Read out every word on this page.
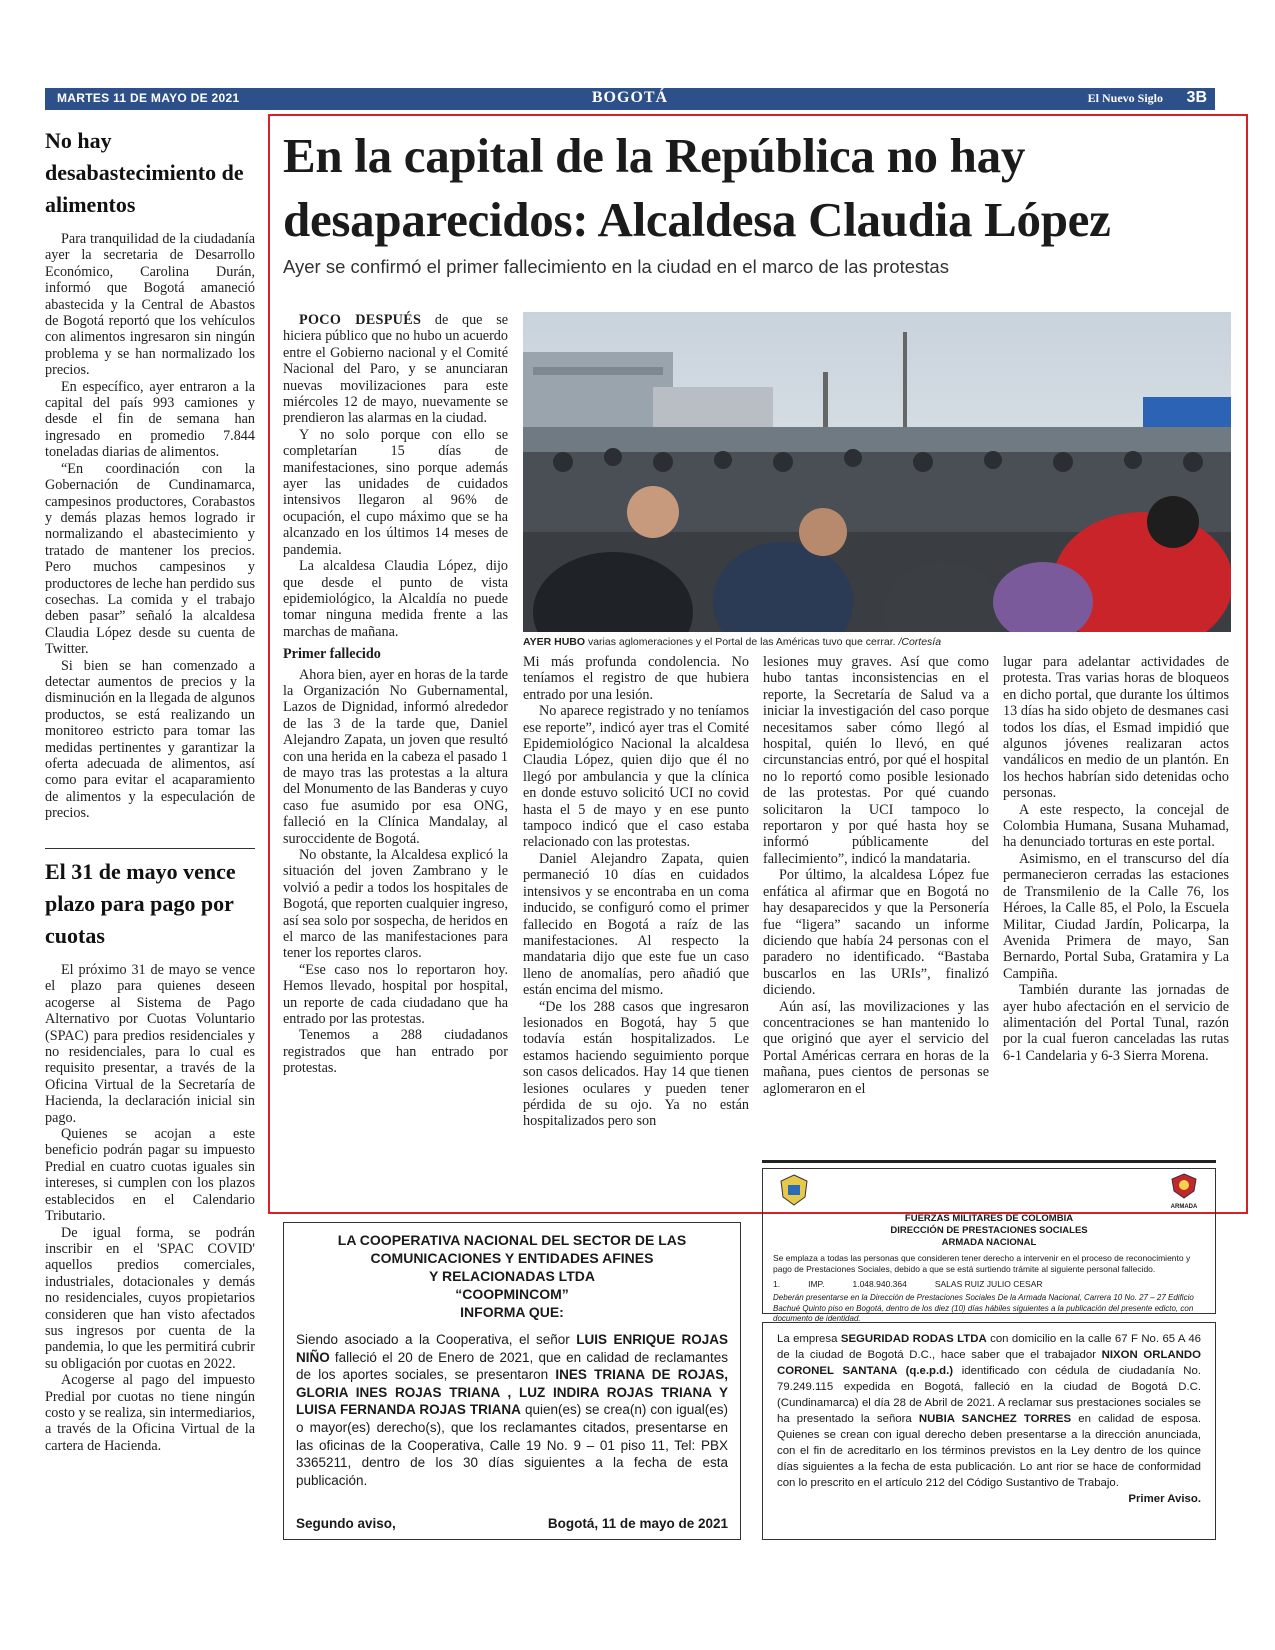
MARTES 11 DE MAYO DE 2021	BOGOTÁ	El Nuevo Siglo 3B
No hay desabastecimiento de alimentos

Para tranquilidad de la ciudadanía ayer la secretaria de Desarrollo Económico, Carolina Durán, informó que Bogotá amaneció abastecida y la Central de Abastos de Bogotá reportó que los vehículos con alimentos ingresaron sin ningún problema y se han normalizado los precios.

En específico, ayer entraron a la capital del país 993 camiones y desde el fin de semana han ingresado en promedio 7.844 toneladas diarias de alimentos.

“En coordinación con la Gobernación de Cundinamarca, campesinos productores, Corabastos y demás plazas hemos logrado ir normalizando el abastecimiento y tratado de mantener los precios. Pero muchos campesinos y productores de leche han perdido sus cosechas. La comida y el trabajo deben pasar” señaló la alcaldesa Claudia López desde su cuenta de Twitter.

Si bien se han comenzado a detectar aumentos de precios y la disminución en la llegada de algunos productos, se está realizando un monitoreo estricto para tomar las medidas pertinentes y garantizar la oferta adecuada de alimentos, así como para evitar el acaparamiento de alimentos y la especulación de precios.

El 31 de mayo vence plazo para pago por cuotas

El próximo 31 de mayo se vence el plazo para quienes deseen acogerse al Sistema de Pago Alternativo por Cuotas Voluntario (SPAC) para predios residenciales y no residenciales, para lo cual es requisito presentar, a través de la Oficina Virtual de la Secretaría de Hacienda, la declaración inicial sin pago.

Quienes se acojan a este beneficio podrán pagar su impuesto Predial en cuatro cuotas iguales sin intereses, si cumplen con los plazos establecidos en el Calendario Tributario.

De igual forma, se podrán inscribir en el 'SPAC COVID' aquellos predios comerciales, industriales, dotacionales y demás no residenciales, cuyos propietarios consideren que han visto afectados sus ingresos por cuenta de la pandemia, lo que les permitirá cubrir su obligación por cuotas en 2022.

Acogerse al pago del impuesto Predial por cuotas no tiene ningún costo y se realiza, sin intermediarios, a través de la Oficina Virtual de la cartera de Hacienda.

En la capital de la República no hay desaparecidos: Alcaldesa Claudia López
Ayer se confirmó el primer fallecimiento en la ciudad en el marco de las protestas

POCO DESPUÉS de que se hiciera público que no hubo un acuerdo entre el Gobierno nacional y el Comité Nacional del Paro, y se anunciaran nuevas movilizaciones para este miércoles 12 de mayo, nuevamente se prendieron las alarmas en la ciudad.

Y no solo porque con ello se completarían 15 días de manifestaciones, sino porque además ayer las unidades de cuidados intensivos llegaron al 96% de ocupación, el cupo máximo que se ha alcanzado en los últimos 14 meses de pandemia.

La alcaldesa Claudia López, dijo que desde el punto de vista epidemiológico, la Alcaldía no puede tomar ninguna medida frente a las marchas de mañana.

Primer fallecido

Ahora bien, ayer en horas de la tarde la Organización No Gubernamental, Lazos de Dignidad, informó alrededor de las 3 de la tarde que, Daniel Alejandro Zapata, un joven que resultó con una herida en la cabeza el pasado 1 de mayo tras las protestas a la altura del Monumento de las Banderas y cuyo caso fue asumido por esa ONG, falleció en la Clínica Mandalay, al suroccidente de Bogotá.

No obstante, la Alcaldesa explicó la situación del joven Zambrano y le volvió a pedir a todos los hospitales de Bogotá, que reporten cualquier ingreso, así sea solo por sospecha, de heridos en el marco de las manifestaciones para tener los reportes claros.

“Ese caso nos lo reportaron hoy. Hemos llevado, hospital por hospital, un reporte de cada ciudadano que ha entrado por las protestas.

Tenemos a 288 ciudadanos registrados que han entrado por protestas.

AYER HUBO varias aglomeraciones y el Portal de las Américas tuvo que cerrar. /Cortesía

Mi más profunda condolencia. No teníamos el registro de que hubiera entrado por una lesión.

No aparece registrado y no teníamos ese reporte”, indicó ayer tras el Comité Epidemiológico Nacional la alcaldesa Claudia López, quien dijo que él no llegó por ambulancia y que la clínica en donde estuvo solicitó UCI no covid hasta el 5 de mayo y en ese punto tampoco indicó que el caso estaba relacionado con las protestas.

Daniel Alejandro Zapata, quien permaneció 10 días en cuidados intensivos y se encontraba en un coma inducido, se configuró como el primer fallecido en Bogotá a raíz de las manifestaciones. Al respecto la mandataria dijo que este fue un caso lleno de anomalías, pero añadió que están encima del mismo.

“De los 288 casos que ingresaron lesionados en Bogotá, hay 5 que todavía están hospitalizados. Le estamos haciendo seguimiento porque son casos delicados. Hay 14 que tienen lesiones oculares y pueden tener pérdida de su ojo. Ya no están hospitalizados pero son

lesiones muy graves. Así que como hubo tantas inconsistencias en el reporte, la Secretaría de Salud va a iniciar la investigación del caso porque necesitamos saber cómo llegó al hospital, quién lo llevó, en qué circunstancias entró, por qué el hospital no lo reportó como posible lesionado de las protestas. Por qué cuando solicitaron la UCI tampoco lo reportaron y por qué hasta hoy se informó públicamente del fallecimiento”, indicó la mandataria.

Por último, la alcaldesa López fue enfática al afirmar que en Bogotá no hay desaparecidos y que la Personería fue “ligera” sacando un informe diciendo que había 24 personas con el paradero no identificado. “Bastaba buscarlos en las URIs”, finalizó diciendo.

Aún así, las movilizaciones y las concentraciones se han mantenido lo que originó que ayer el servicio del Portal Américas cerrara en horas de la mañana, pues cientos de personas se aglomeraron en el

lugar para adelantar actividades de protesta. Tras varias horas de bloqueos en dicho portal, que durante los últimos 13 días ha sido objeto de desmanes casi todos los días, el Esmad impidió que algunos jóvenes realizaran actos vandálicos en medio de un plantón. En los hechos habrían sido detenidas ocho personas.

A este respecto, la concejal de Colombia Humana, Susana Muhamad, ha denunciado torturas en este portal.

Asimismo, en el transcurso del día permanecieron cerradas las estaciones de Transmilenio de la Calle 76, los Héroes, la Calle 85, el Polo, la Escuela Militar, Ciudad Jardín, Policarpa, la Avenida Primera de mayo, San Bernardo, Portal Suba, Gratamira y La Campiña.

También durante las jornadas de ayer hubo afectación en el servicio de alimentación del Portal Tunal, razón por la cual fueron canceladas las rutas 6-1 Candelaria y 6-3 Sierra Morena.

LA COOPERATIVA NACIONAL DEL SECTOR DE LAS
COMUNICACIONES Y ENTIDADES AFINES
Y RELACIONADAS LTDA
“COOPMINCOM”
INFORMA QUE:
Siendo asociado a la Cooperativa, el señor LUIS ENRIQUE ROJAS NIÑO falleció el 20 de Enero de 2021, que en calidad de reclamantes de los aportes sociales, se presentaron INES TRIANA DE ROJAS, GLORIA INES ROJAS TRIANA , LUZ INDIRA ROJAS TRIANA Y LUISA FERNANDA ROJAS TRIANA quien(es) se crea(n) con igual(es) o mayor(es) derecho(s), que los reclamantes citados, presentarse en las oficinas de la Cooperativa, Calle 19 No. 9 – 01 piso 11, Tel: PBX 3365211, dentro de los 30 días siguientes a la fecha de esta publicación.
Segundo aviso,	Bogotá, 11 de mayo de 2021
ARMADA
FUERZAS MILITARES DE COLOMBIA
DIRECCIÓN DE PRESTACIONES SOCIALES
ARMADA NACIONAL
Se emplaza a todas las personas que consideren tener derecho a intervenir en el proceso de reconocimiento y pago de Prestaciones Sociales, debido a que se está surtiendo trámite al siguiente personal fallecido.
1.	IMP.	1.048.940.364	SALAS RUIZ JULIO CESAR
Deberán presentarse en la Dirección de Prestaciones Sociales De la Armada Nacional, Carrera 10 No. 27 – 27 Edificio Bachué Quinto piso en Bogotá, dentro de los diez (10) días hábiles siguientes a la publicación del presente edicto, con documento de identidad.
La empresa SEGURIDAD RODAS LTDA con domicilio en la calle 67 F No. 65 A 46 de la ciudad de Bogotá D.C., hace saber que el trabajador NIXON ORLANDO CORONEL SANTANA (q.e.p.d.) identificado con cédula de ciudadanía No. 79.249.115 expedida en Bogotá, falleció en la ciudad de Bogotá D.C. (Cundinamarca) el día 28 de Abril de 2021. A reclamar sus prestaciones sociales se ha presentado la señora NUBIA SANCHEZ TORRES en calidad de esposa. Quienes se crean con igual derecho deben presentarse a la dirección anunciada, con el fin de acreditarlo en los términos previstos en la Ley dentro de los quince días siguientes a la fecha de esta publicación. Lo ant rior se hace de conformidad con lo prescrito en el artículo 212 del Código Sustantivo de Trabajo.
Primer Aviso.
